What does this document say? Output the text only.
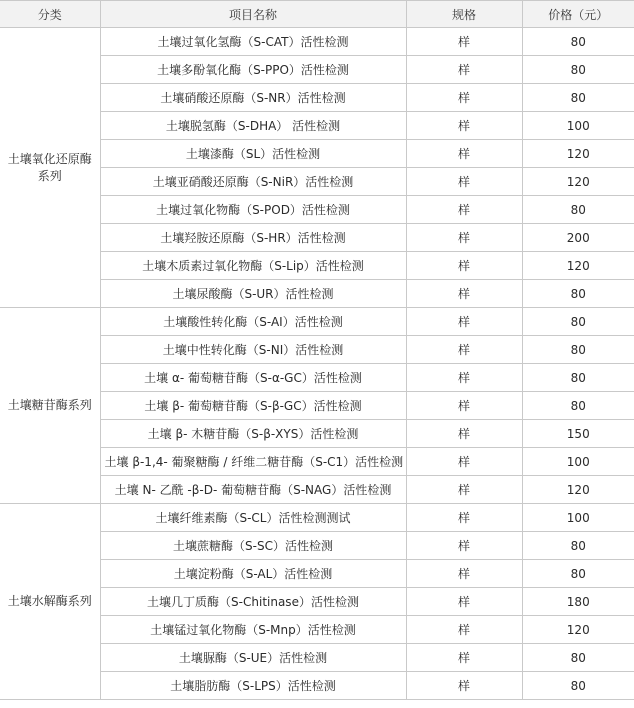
分类	项目名称	规格	价格（元）
土壤氧化还原酶系列	土壤过氧化氢酶（S-CAT）活性检测	样	80
	土壤多酚氧化酶（S-PPO）活性检测	样	80
	土壤硝酸还原酶（S-NR）活性检测	样	80
	土壤脱氢酶（S-DHA） 活性检测	样	100
	土壤漆酶（SL）活性检测	样	120
	土壤亚硝酸还原酶（S-NiR）活性检测	样	120
	土壤过氧化物酶（S-POD）活性检测	样	80
	土壤羟胺还原酶（S-HR）活性检测	样	200
	土壤木质素过氧化物酶（S-Lip）活性检测	样	120
	土壤尿酸酶（S-UR）活性检测	样	80
土壤糖苷酶系列	土壤酸性转化酶（S-AI）活性检测	样	80
	土壤中性转化酶（S-NI）活性检测	样	80
	土壤 α- 葡萄糖苷酶（S-α-GC）活性检测	样	80
	土壤 β- 葡萄糖苷酶（S-β-GC）活性检测	样	80
	土壤 β- 木糖苷酶（S-β-XYS）活性检测	样	150
	土壤 β-1,4- 葡聚糖酶 / 纤维二糖苷酶（S-C1）活性检测	样	100
	土壤 N- 乙酰 -β-D- 葡萄糖苷酶（S-NAG）活性检测	样	120
土壤水解酶系列	土壤纤维素酶（S-CL）活性检测测试	样	100
	土壤蔗糖酶（S-SC）活性检测	样	80
	土壤淀粉酶（S-AL）活性检测	样	80
	土壤几丁质酶（S-Chitinase）活性检测	样	180
	土壤锰过氧化物酶（S-Mnp）活性检测	样	120
	土壤脲酶（S-UE）活性检测	样	80
	土壤脂肪酶（S-LPS）活性检测	样	80
